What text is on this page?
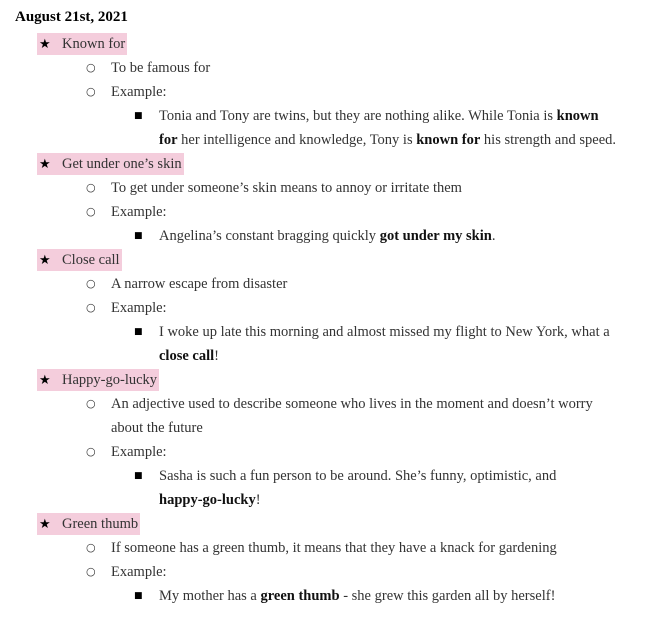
August 21st, 2021
★ Known for
○ To be famous for
○ Example:
■ Tonia and Tony are twins, but they are nothing alike. While Tonia is known
for her intelligence and knowledge, Tony is known for his strength and speed.
★ Get under one’s skin
○ To get under someone’s skin means to annoy or irritate them
○ Example:
■ Angelina’s constant bragging quickly got under my skin.
★ Close call
○ A narrow escape from disaster
○ Example:
■ I woke up late this morning and almost missed my flight to New York, what a
close call!
★ Happy-go-lucky
○ An adjective used to describe someone who lives in the moment and doesn’t worry
about the future
○ Example:
■ Sasha is such a fun person to be around. She’s funny, optimistic, and
happy-go-lucky!
★ Green thumb
○ If someone has a green thumb, it means that they have a knack for gardening
○ Example:
■ My mother has a green thumb - she grew this garden all by herself!
